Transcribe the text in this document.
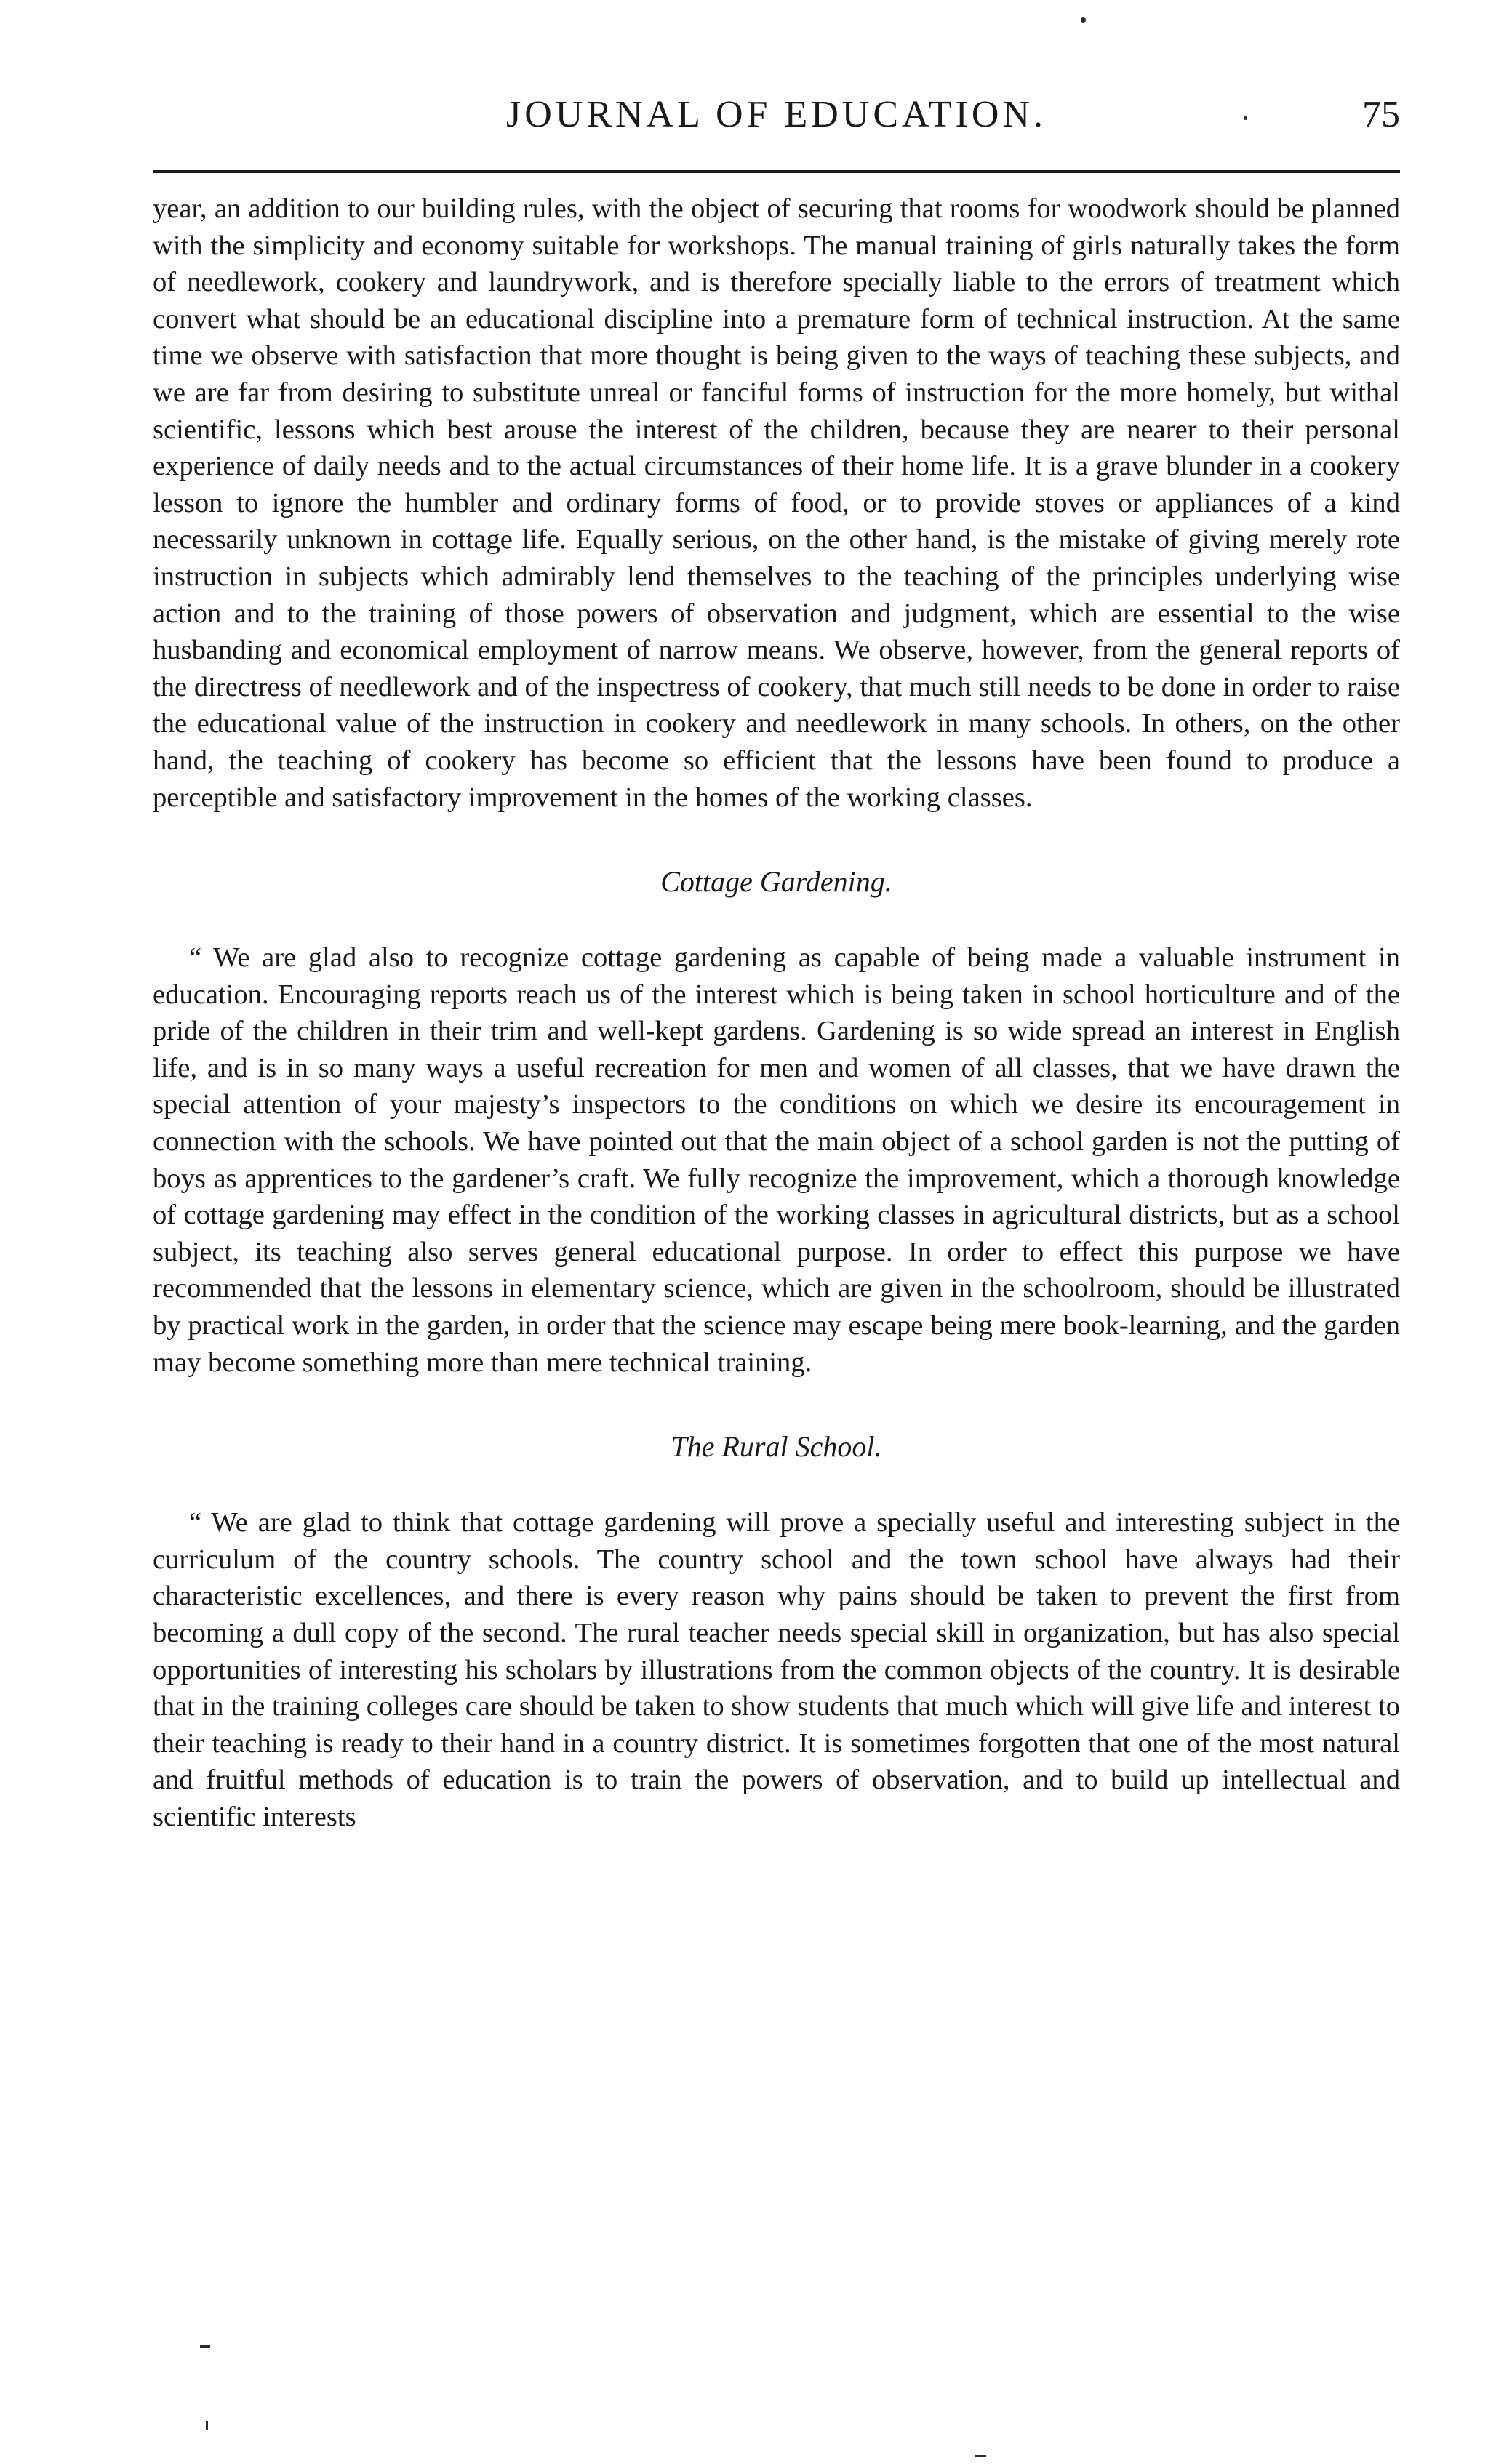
JOURNAL OF EDUCATION.	75

year, an addition to our building rules, with the object of securing that rooms for woodwork should be planned with the simplicity and economy suitable for workshops. The manual training of girls naturally takes the form of needlework, cookery and laundrywork, and is therefore specially liable to the errors of treatment which convert what should be an educational discipline into a premature form of technical instruction. At the same time we observe with satisfaction that more thought is being given to the ways of teaching these subjects, and we are far from desiring to substitute unreal or fanciful forms of instruction for the more homely, but withal scientific, lessons which best arouse the interest of the children, because they are nearer to their personal experience of daily needs and to the actual circumstances of their home life. It is a grave blunder in a cookery lesson to ignore the humbler and ordinary forms of food, or to provide stoves or appliances of a kind necessarily unknown in cottage life. Equally serious, on the other hand, is the mistake of giving merely rote instruction in subjects which admirably lend themselves to the teaching of the principles underlying wise action and to the training of those powers of observation and judgment, which are essential to the wise husbanding and economical employment of narrow means. We observe, however, from the general reports of the directress of needlework and of the inspectress of cookery, that much still needs to be done in order to raise the educational value of the instruction in cookery and needlework in many schools. In others, on the other hand, the teaching of cookery has become so efficient that the lessons have been found to produce a perceptible and satisfactory improvement in the homes of the working classes.

Cottage Gardening.

“ We are glad also to recognize cottage gardening as capable of being made a valuable instrument in education. Encouraging reports reach us of the interest which is being taken in school horticulture and of the pride of the children in their trim and well-kept gardens. Gardening is so wide spread an interest in English life, and is in so many ways a useful recreation for men and women of all classes, that we have drawn the special attention of your majesty’s inspectors to the conditions on which we desire its encouragement in connection with the schools. We have pointed out that the main object of a school garden is not the putting of boys as apprentices to the gardener’s craft. We fully recognize the improvement, which a thorough knowledge of cottage gardening may effect in the condition of the working classes in agricultural districts, but as a school subject, its teaching also serves general educational purpose. In order to effect this purpose we have recommended that the lessons in elementary science, which are given in the schoolroom, should be illustrated by practical work in the garden, in order that the science may escape being mere book-learning, and the garden may become something more than mere technical training.

The Rural School.

“ We are glad to think that cottage gardening will prove a specially useful and interesting subject in the curriculum of the country schools. The country school and the town school have always had their characteristic excellences, and there is every reason why pains should be taken to prevent the first from becoming a dull copy of the second. The rural teacher needs special skill in organization, but has also special opportunities of interesting his scholars by illustrations from the common objects of the country. It is desirable that in the training colleges care should be taken to show students that much which will give life and interest to their teaching is ready to their hand in a country district. It is sometimes forgotten that one of the most natural and fruitful methods of education is to train the powers of observation, and to build up intellectual and scientific interests
